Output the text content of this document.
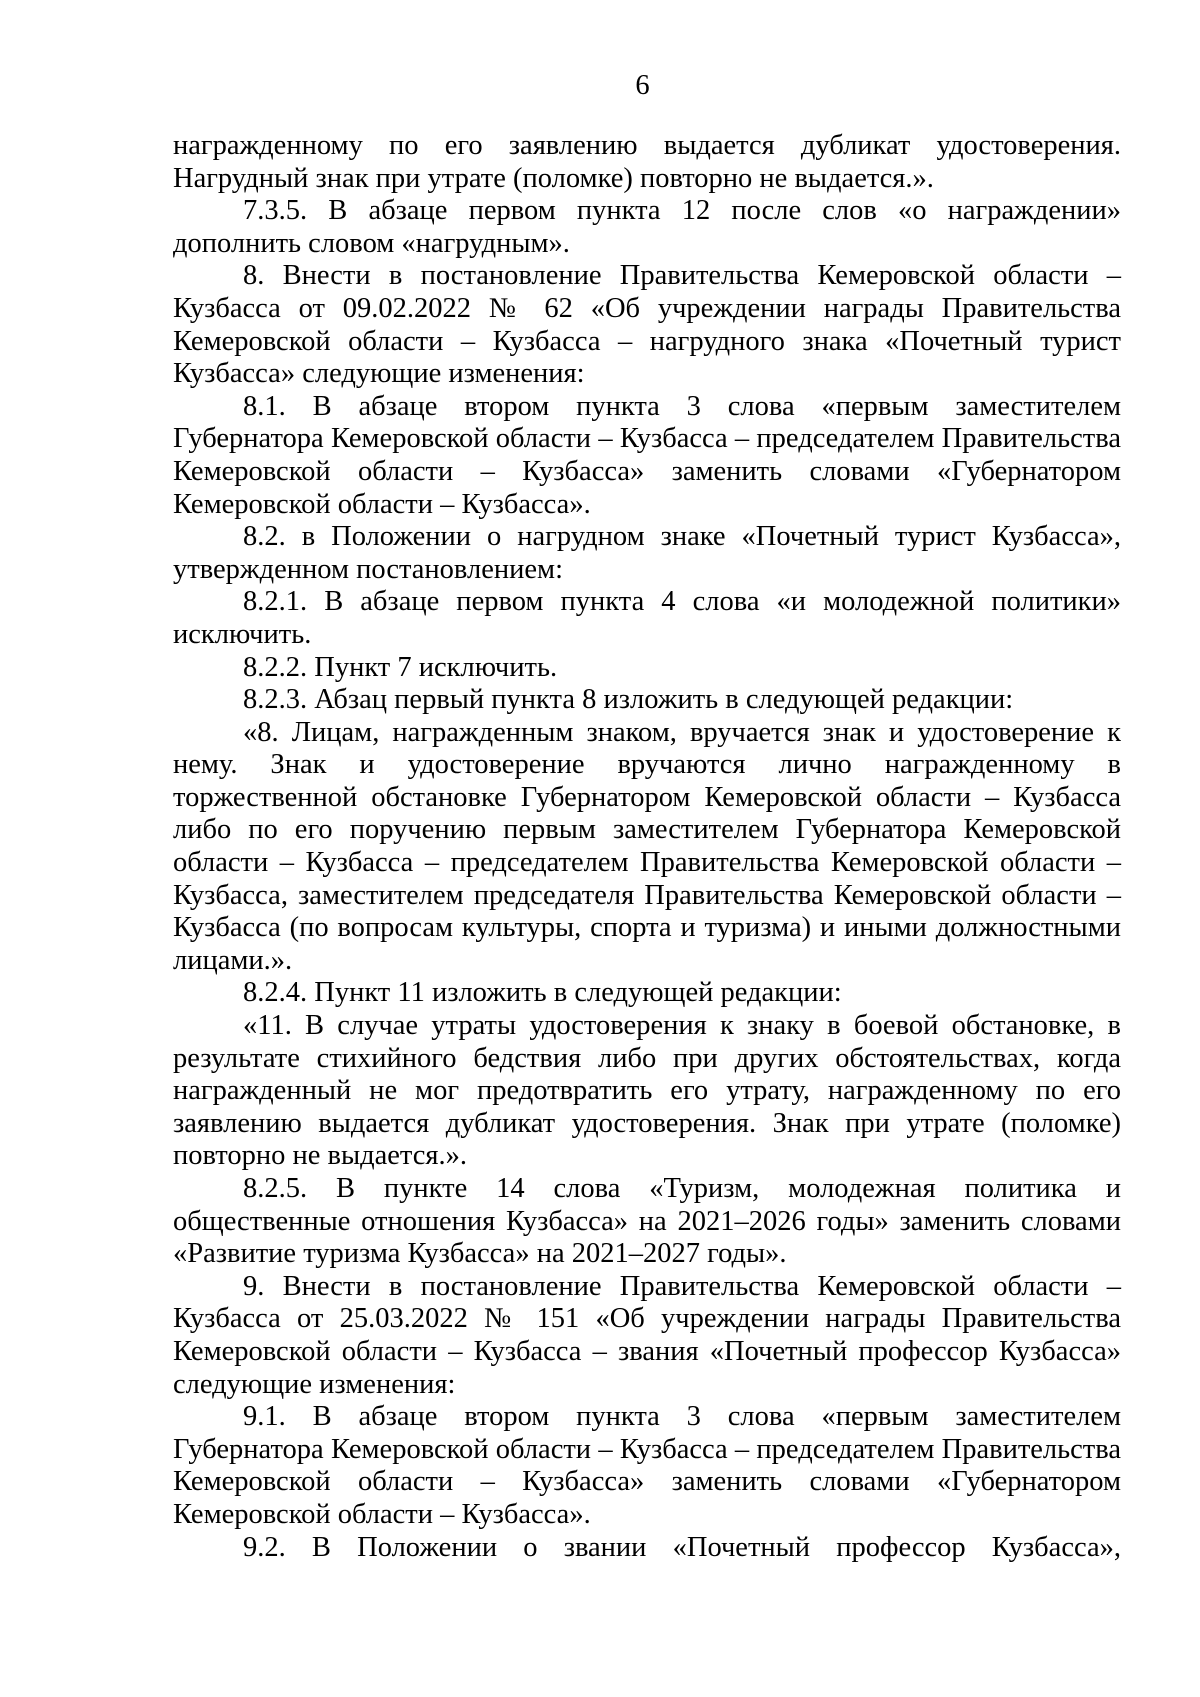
6

награжденному по его заявлению выдается дубликат удостоверения. Нагрудный знак при утрате (поломке) повторно не выдается.».

7.3.5. В абзаце первом пункта 12 после слов «о награждении» дополнить словом «нагрудным».

8. Внести в постановление Правительства Кемеровской области – Кузбасса от 09.02.2022 № 62 «Об учреждении награды Правительства Кемеровской области – Кузбасса – нагрудного знака «Почетный турист Кузбасса» следующие изменения:

8.1. В абзаце втором пункта 3 слова «первым заместителем Губернатора Кемеровской области – Кузбасса – председателем Правительства Кемеровской области – Кузбасса» заменить словами «Губернатором Кемеровской области – Кузбасса».

8.2. в Положении о нагрудном знаке «Почетный турист Кузбасса», утвержденном постановлением:

8.2.1. В абзаце первом пункта 4 слова «и молодежной политики» исключить.

8.2.2. Пункт 7 исключить.

8.2.3. Абзац первый пункта 8 изложить в следующей редакции:

«8. Лицам, награжденным знаком, вручается знак и удостоверение к нему. Знак и удостоверение вручаются лично награжденному в торжественной обстановке Губернатором Кемеровской области – Кузбасса либо по его поручению первым заместителем Губернатора Кемеровской области – Кузбасса – председателем Правительства Кемеровской области – Кузбасса, заместителем председателя Правительства Кемеровской области – Кузбасса (по вопросам культуры, спорта и туризма) и иными должностными лицами.».

8.2.4. Пункт 11 изложить в следующей редакции:

«11. В случае утраты удостоверения к знаку в боевой обстановке, в результате стихийного бедствия либо при других обстоятельствах, когда награжденный не мог предотвратить его утрату, награжденному по его заявлению выдается дубликат удостоверения. Знак при утрате (поломке) повторно не выдается.».

8.2.5. В пункте 14 слова «Туризм, молодежная политика и общественные отношения Кузбасса» на 2021–2026 годы» заменить словами «Развитие туризма Кузбасса» на 2021–2027 годы».

9. Внести в постановление Правительства Кемеровской области – Кузбасса от 25.03.2022 № 151 «Об учреждении награды Правительства Кемеровской области – Кузбасса – звания «Почетный профессор Кузбасса» следующие изменения:

9.1. В абзаце втором пункта 3 слова «первым заместителем Губернатора Кемеровской области – Кузбасса – председателем Правительства Кемеровской области – Кузбасса» заменить словами «Губернатором Кемеровской области – Кузбасса».

9.2. В Положении о звании «Почетный профессор Кузбасса»,
